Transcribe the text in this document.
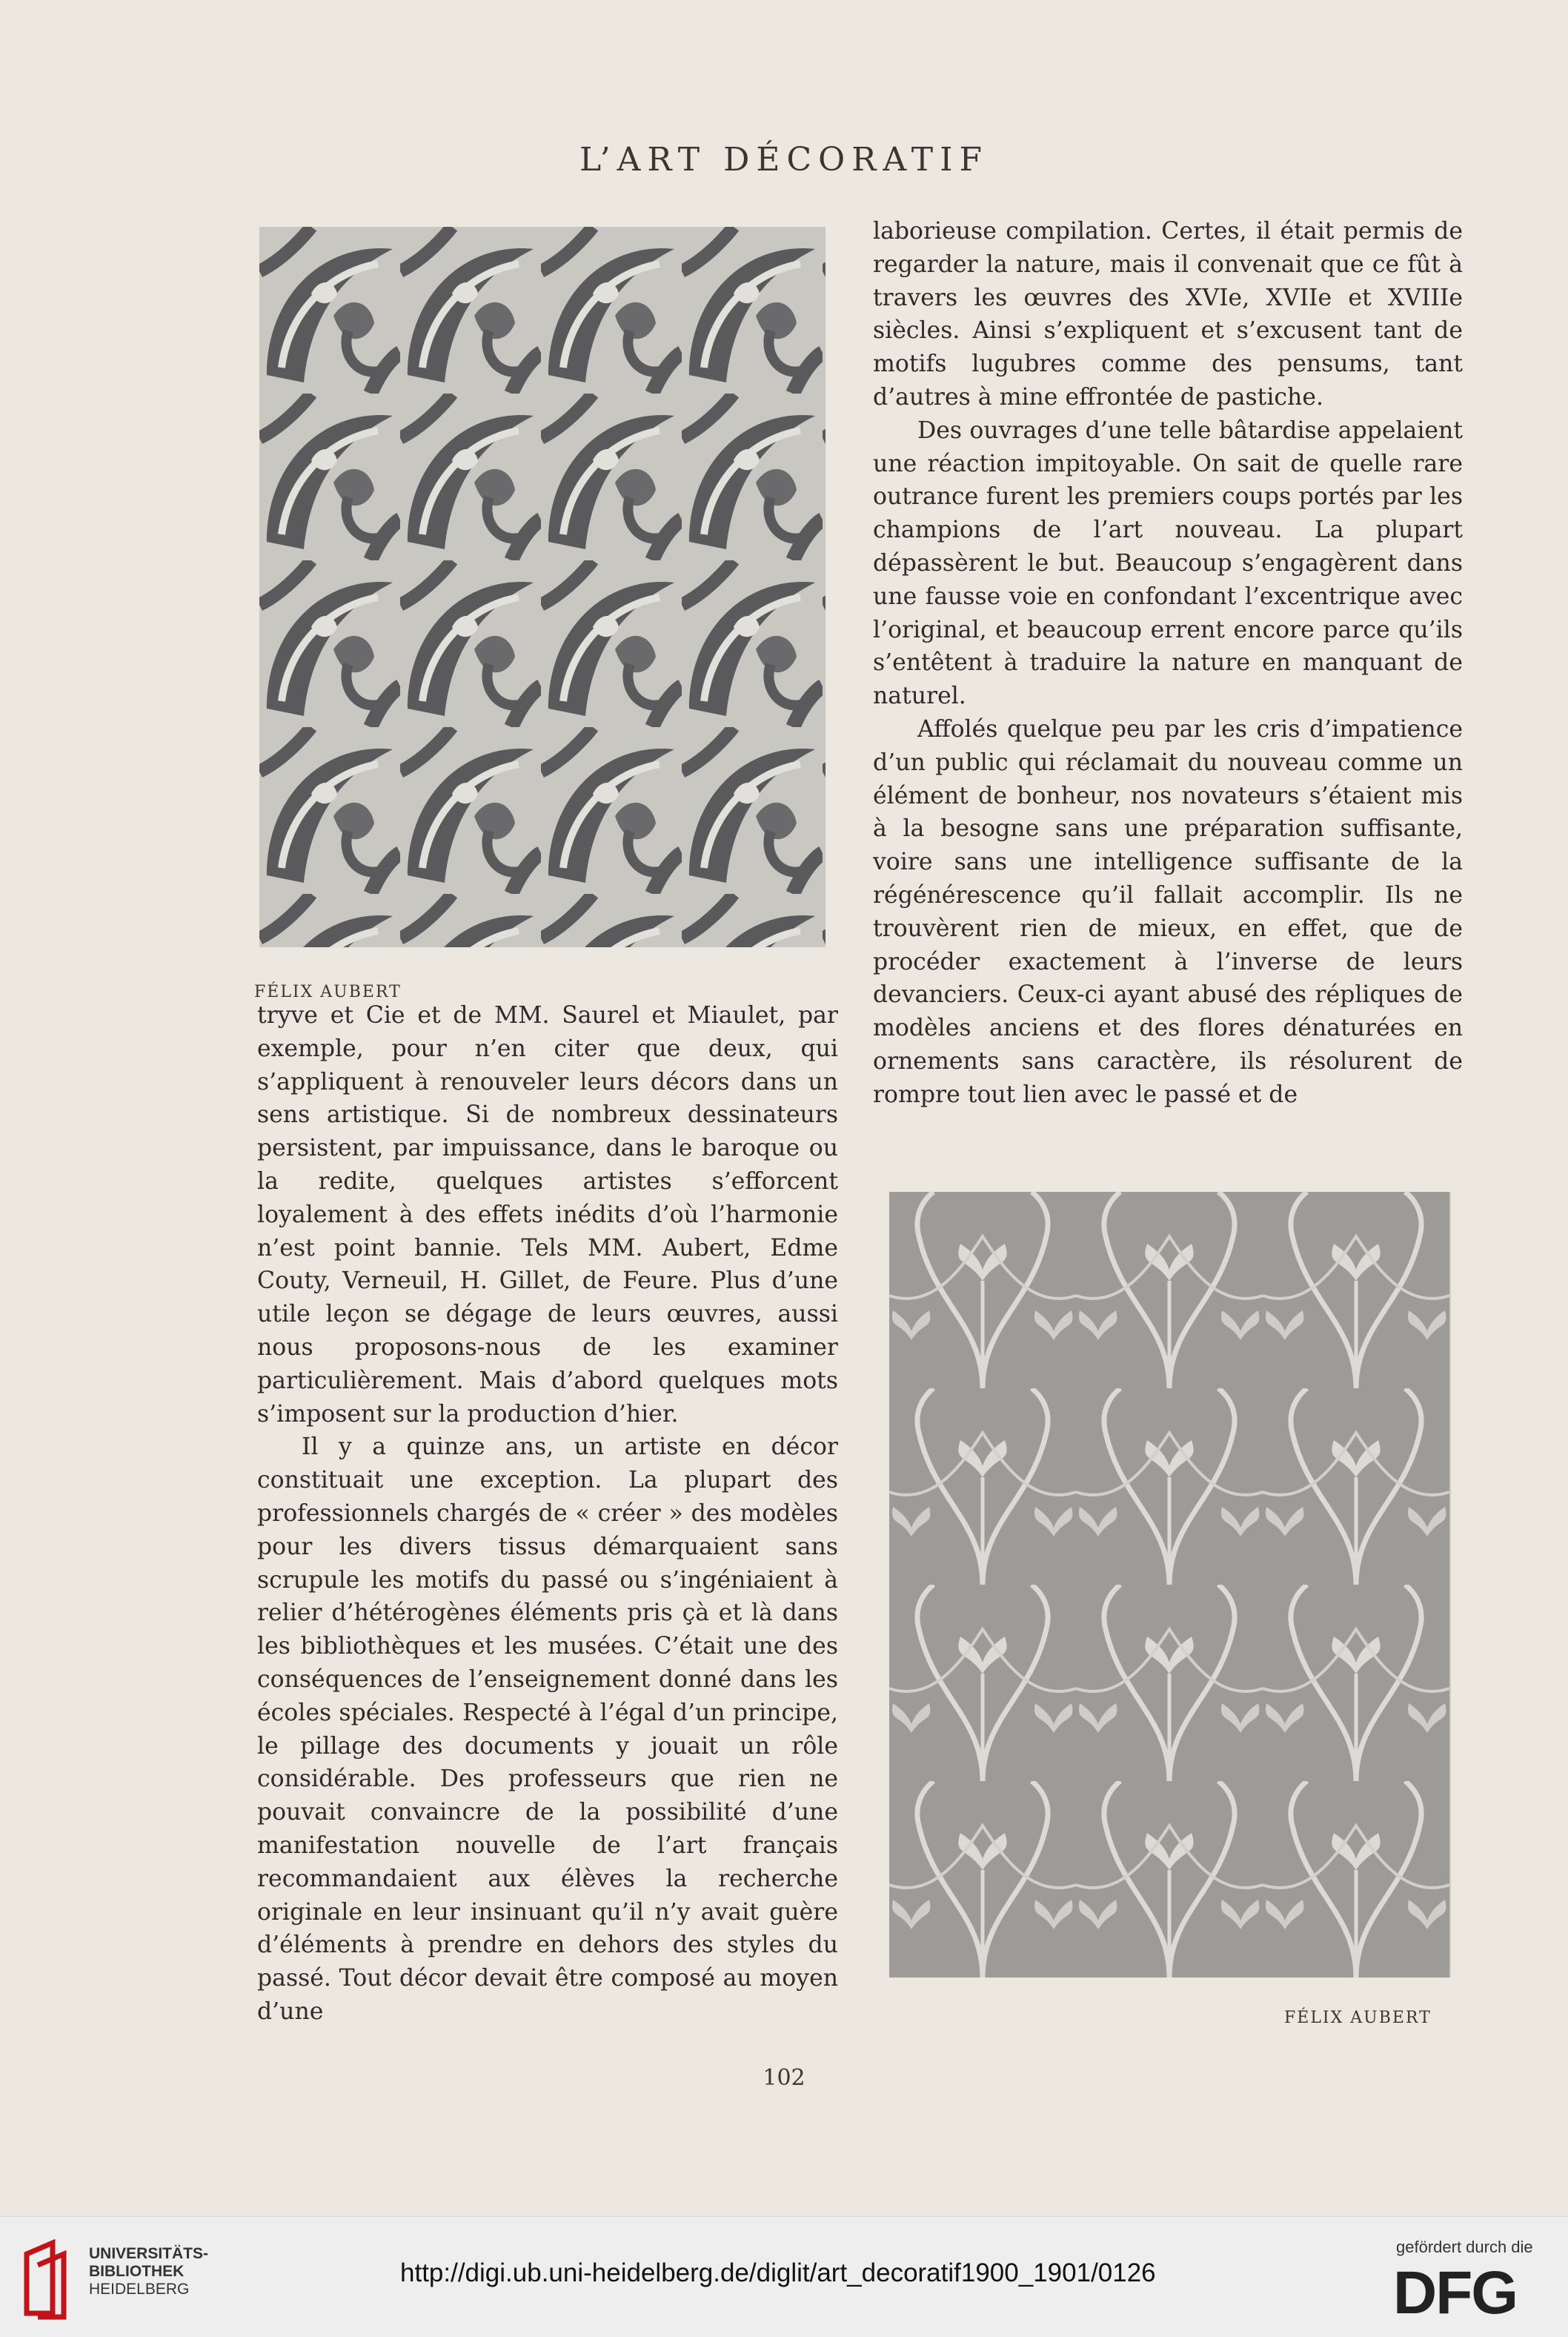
L’ART DÉCORATIF
FÉLIX AUBERT

tryve et Cie et de MM. Saurel et Miaulet, par exemple, pour n’en citer que deux, qui s’appliquent à renouveler leurs décors dans un sens artistique. Si de nombreux dessinateurs persistent, par impuissance, dans le baroque ou la redite, quelques artistes s’efforcent loyalement à des effets inédits d’où l’harmonie n’est point bannie. Tels MM. Aubert, Edme Couty, Verneuil, H. Gillet, de Feure. Plus d’une utile leçon se dégage de leurs œuvres, aussi nous proposons-nous de les examiner particulièrement. Mais d’abord quelques mots s’imposent sur la production d’hier.

Il y a quinze ans, un artiste en décor constituait une exception. La plupart des professionnels chargés de « créer » des modèles pour les divers tissus démarquaient sans scrupule les motifs du passé ou s’ingéniaient à relier d’hétérogènes éléments pris çà et là dans les bibliothèques et les musées. C’était une des conséquences de l’enseignement donné dans les écoles spéciales. Respecté à l’égal d’un principe, le pillage des documents y jouait un rôle considérable. Des professeurs que rien ne pouvait convaincre de la possibilité d’une manifestation nouvelle de l’art français recommandaient aux élèves la recherche originale en leur insinuant qu’il n’y avait guère d’éléments à prendre en dehors des styles du passé. Tout décor devait être composé au moyen d’une

laborieuse compilation. Certes, il était permis de regarder la nature, mais il convenait que ce fût à travers les œuvres des XVIe, XVIIe et XVIIIe siècles. Ainsi s’expliquent et s’excusent tant de motifs lugubres comme des pensums, tant d’autres à mine effrontée de pastiche.

Des ouvrages d’une telle bâtardise appelaient une réaction impitoyable. On sait de quelle rare outrance furent les premiers coups portés par les champions de l’art nouveau. La plupart dépassèrent le but. Beaucoup s’engagèrent dans une fausse voie en confondant l’excentrique avec l’original, et beaucoup errent encore parce qu’ils s’entêtent à traduire la nature en manquant de naturel.

Affolés quelque peu par les cris d’impatience d’un public qui réclamait du nouveau comme un élément de bonheur, nos novateurs s’étaient mis à la besogne sans une préparation suffisante, voire sans une intelligence suffisante de la régénérescence qu’il fallait accomplir. Ils ne trouvèrent rien de mieux, en effet, que de procéder exactement à l’inverse de leurs devanciers. Ceux-ci ayant abusé des répliques de modèles anciens et des flores dénaturées en ornements sans caractère, ils résolurent de rompre tout lien avec le passé et de

FÉLIX AUBERT
102
UNIVERSITÄTS-
BIBLIOTHEK
HEIDELBERG
http://digi.ub.uni-heidelberg.de/diglit/art_decoratif1900_1901/0126
gefördert durch die
DFG
